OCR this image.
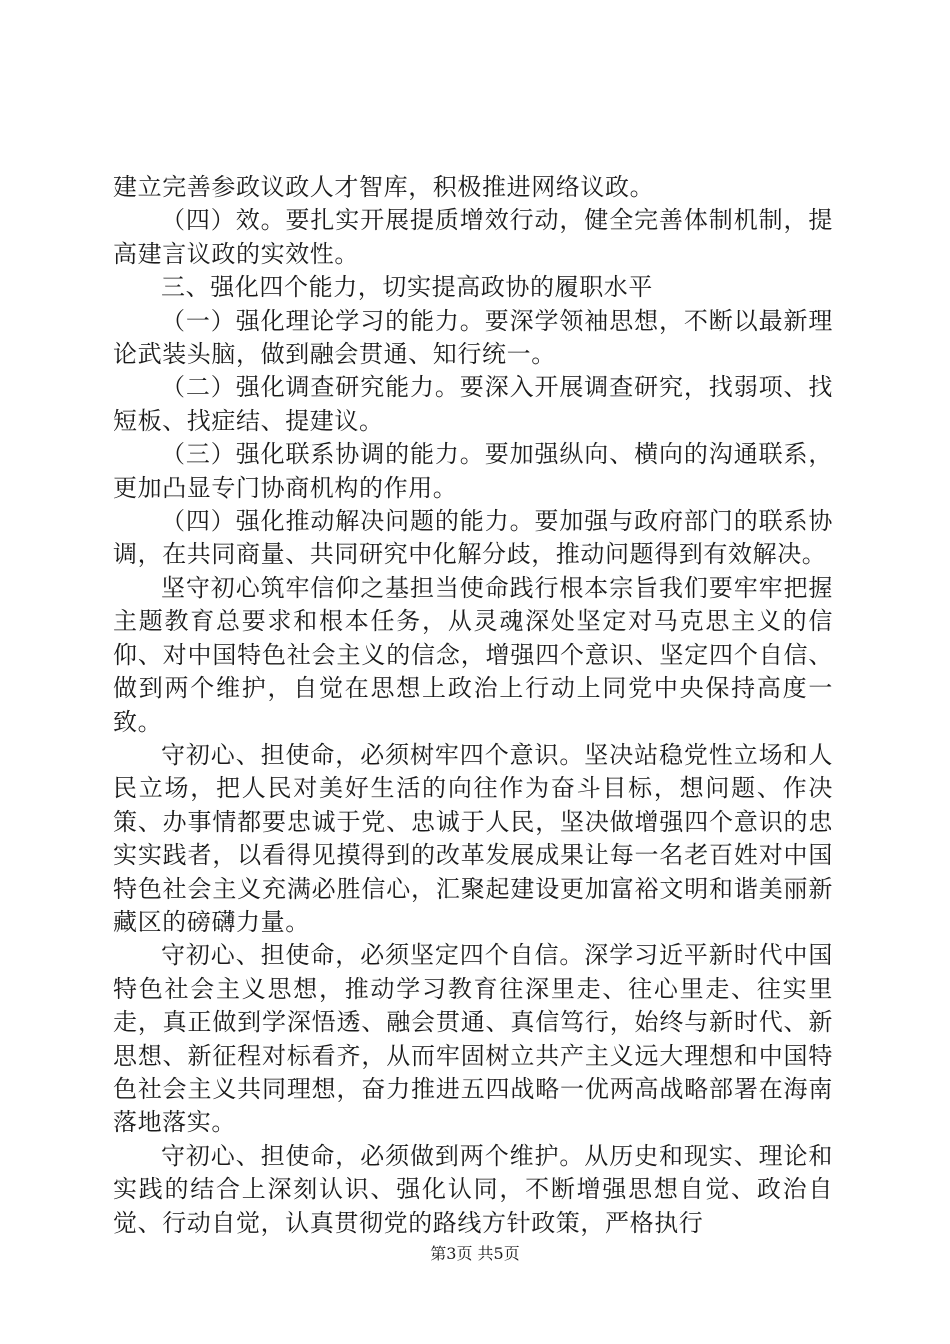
建立完善参政议政人才智库，积极推进网络议政。

（四）效。要扎实开展提质增效行动，健全完善体制机制，提高建言议政的实效性。

三、强化四个能力，切实提高政协的履职水平

（一）强化理论学习的能力。要深学领袖思想，不断以最新理论武装头脑，做到融会贯通、知行统一。

（二）强化调查研究能力。要深入开展调查研究，找弱项、找短板、找症结、提建议。

（三）强化联系协调的能力。要加强纵向、横向的沟通联系，更加凸显专门协商机构的作用。

（四）强化推动解决问题的能力。要加强与政府部门的联系协调，在共同商量、共同研究中化解分歧，推动问题得到有效解决。

坚守初心筑牢信仰之基担当使命践行根本宗旨我们要牢牢把握主题教育总要求和根本任务，从灵魂深处坚定对马克思主义的信仰、对中国特色社会主义的信念，增强四个意识、坚定四个自信、做到两个维护，自觉在思想上政治上行动上同党中央保持高度一致。

守初心、担使命，必须树牢四个意识。坚决站稳党性立场和人民立场，把人民对美好生活的向往作为奋斗目标，想问题、作决策、办事情都要忠诚于党、忠诚于人民，坚决做增强四个意识的忠实实践者，以看得见摸得到的改革发展成果让每一名老百姓对中国特色社会主义充满必胜信心，汇聚起建设更加富裕文明和谐美丽新藏区的磅礴力量。

守初心、担使命，必须坚定四个自信。深学习近平新时代中国特色社会主义思想，推动学习教育往深里走、往心里走、往实里走，真正做到学深悟透、融会贯通、真信笃行，始终与新时代、新思想、新征程对标看齐，从而牢固树立共产主义远大理想和中国特色社会主义共同理想，奋力推进五四战略一优两高战略部署在海南落地落实。

守初心、担使命，必须做到两个维护。从历史和现实、理论和实践的结合上深刻认识、强化认同，不断增强思想自觉、政治自觉、行动自觉，认真贯彻党的路线方针政策，严格执行

第3页 共5页
